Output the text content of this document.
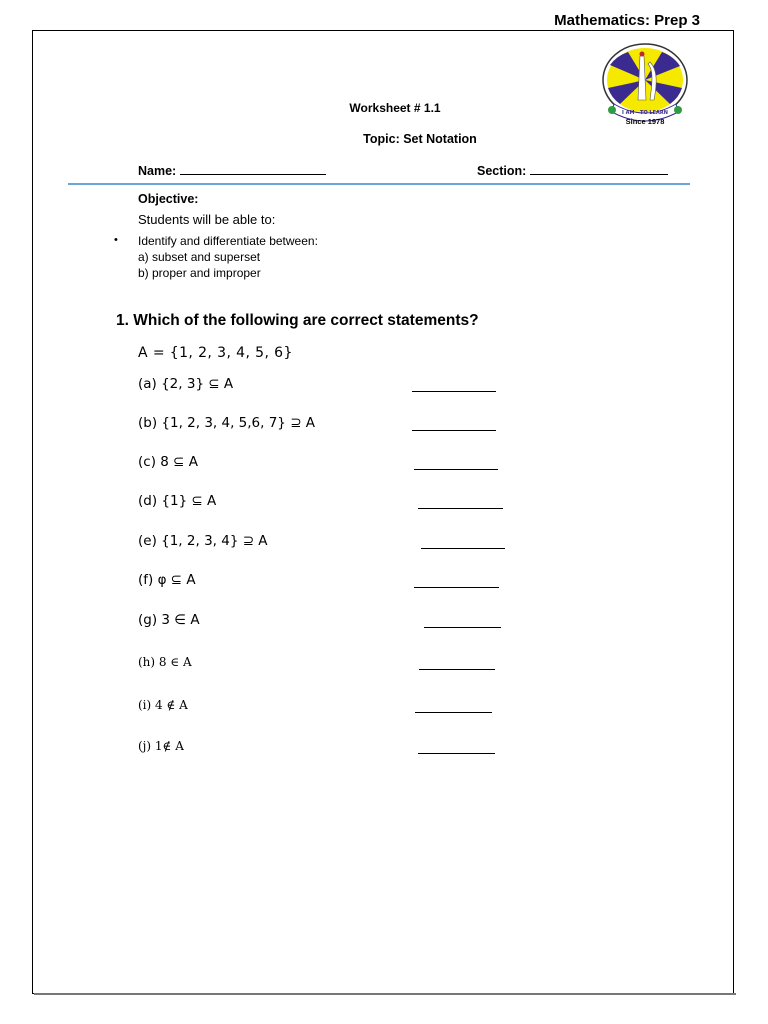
Mathematics: Prep 3
I AM - TO LEARN
Since 1978
Worksheet # 1.1
Topic: Set Notation
Name:	Section:
Objective:
Students will be able to:
• Identify and differentiate between:
a) subset and superset
b) proper and improper
1. Which of the following are correct statements?
A = {1, 2, 3, 4, 5, 6}
(a) {2, 3} ⊆ A
(b) {1, 2, 3, 4, 5,6, 7} ⊇ A
(c) 8 ⊆ A
(d) {1} ⊆ A
(e) {1, 2, 3, 4} ⊇ A
(f) φ ⊆ A
(g) 3 ∈ A
(h) 8 ∈ A
(i) 4 ∉ A
(j) 1∉ A
